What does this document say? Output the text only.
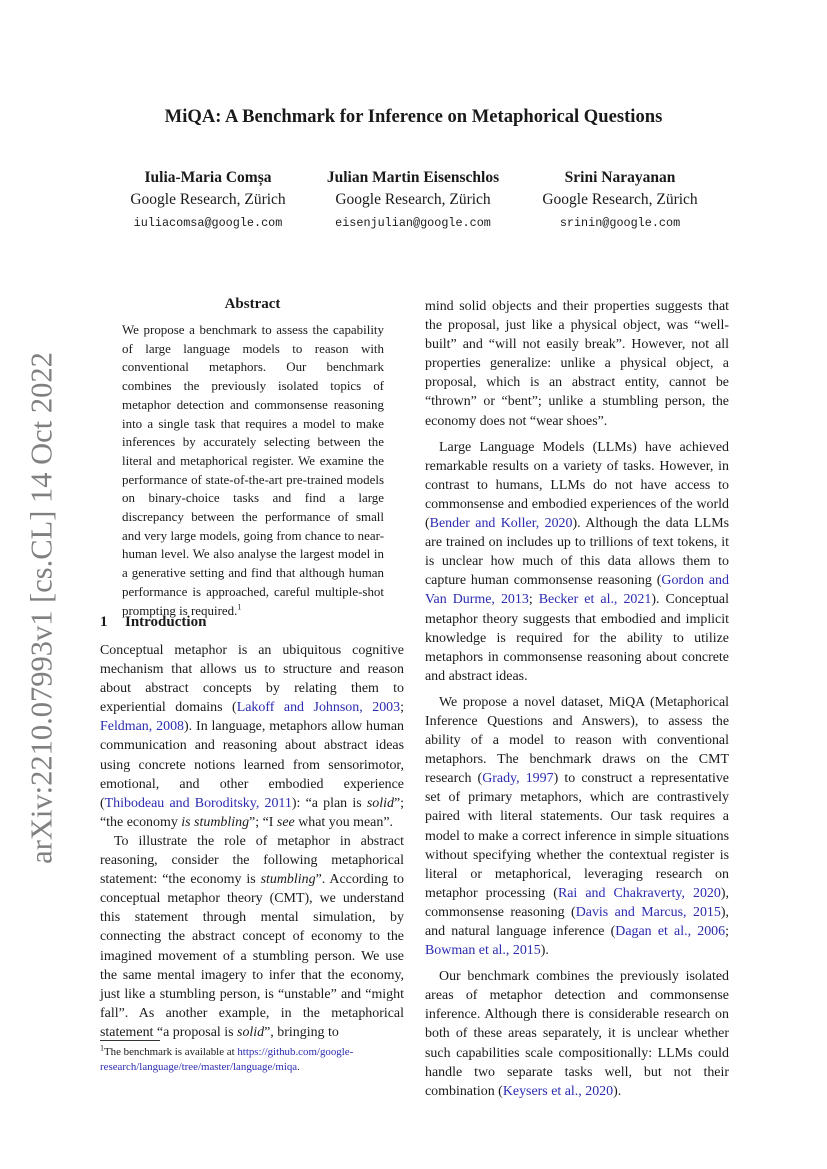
arXiv:2210.07993v1 [cs.CL] 14 Oct 2022
MiQA: A Benchmark for Inference on Metaphorical Questions
Iulia-Maria Comșa
Google Research, Zürich
iuliacomsa@google.com
Julian Martin Eisenschlos
Google Research, Zürich
eisenjulian@google.com
Srini Narayanan
Google Research, Zürich
srinin@google.com
Abstract
We propose a benchmark to assess the capability of large language models to reason with conventional metaphors. Our benchmark combines the previously isolated topics of metaphor detection and commonsense reasoning into a single task that requires a model to make inferences by accurately selecting between the literal and metaphorical register. We examine the performance of state-of-the-art pre-trained models on binary-choice tasks and find a large discrepancy between the performance of small and very large models, going from chance to near-human level. We also analyse the largest model in a generative setting and find that although human performance is approached, careful multiple-shot prompting is required.$^1$
1 Introduction

Conceptual metaphor is an ubiquitous cognitive mechanism that allows us to structure and reason about abstract concepts by relating them to experiential domains (Lakoff and Johnson, 2003; Feldman, 2008). In language, metaphors allow human communication and reasoning about abstract ideas using concrete notions learned from sensorimotor, emotional, and other embodied experience (Thibodeau and Boroditsky, 2011): “a plan is solid”; “the economy is stumbling”; “I see what you mean”.

To illustrate the role of metaphor in abstract reasoning, consider the following metaphorical statement: “the economy is stumbling”. According to conceptual metaphor theory (CMT), we understand this statement through mental simulation, by connecting the abstract concept of economy to the imagined movement of a stumbling person. We use the same mental imagery to infer that the economy, just like a stumbling person, is “unstable” and “might fall”. As another example, in the metaphorical statement “a proposal is solid”, bringing to

$^1$The benchmark is available at https://github.com/google-research/language/tree/master/language/miqa.

mind solid objects and their properties suggests that the proposal, just like a physical object, was “well-built” and “will not easily break”. However, not all properties generalize: unlike a physical object, a proposal, which is an abstract entity, cannot be “thrown” or “bent”; unlike a stumbling person, the economy does not “wear shoes”.

Large Language Models (LLMs) have achieved remarkable results on a variety of tasks. However, in contrast to humans, LLMs do not have access to commonsense and embodied experiences of the world (Bender and Koller, 2020). Although the data LLMs are trained on includes up to trillions of text tokens, it is unclear how much of this data allows them to capture human commonsense reasoning (Gordon and Van Durme, 2013; Becker et al., 2021). Conceptual metaphor theory suggests that embodied and implicit knowledge is required for the ability to utilize metaphors in commonsense reasoning about concrete and abstract ideas.

We propose a novel dataset, MiQA (Metaphorical Inference Questions and Answers), to assess the ability of a model to reason with conventional metaphors. The benchmark draws on the CMT research (Grady, 1997) to construct a representative set of primary metaphors, which are contrastively paired with literal statements. Our task requires a model to make a correct inference in simple situations without specifying whether the contextual register is literal or metaphorical, leveraging research on metaphor processing (Rai and Chakraverty, 2020), commonsense reasoning (Davis and Marcus, 2015), and natural language inference (Dagan et al., 2006; Bowman et al., 2015).

Our benchmark combines the previously isolated areas of metaphor detection and commonsense inference. Although there is considerable research on both of these areas separately, it is unclear whether such capabilities scale compositionally: LLMs could handle two separate tasks well, but not their combination (Keysers et al., 2020).
